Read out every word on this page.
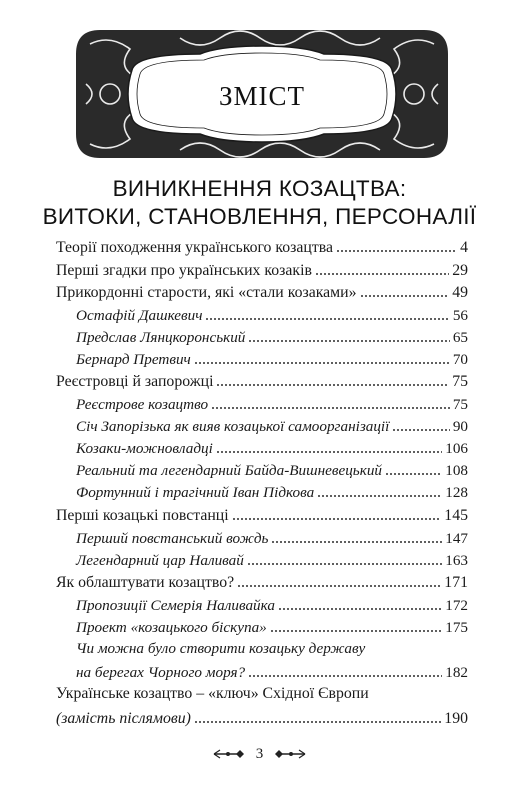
ЗМІСТ
ВИНИКНЕННЯ КОЗАЦТВА:
ВИТОКИ, СТАНОВЛЕННЯ, ПЕРСОНАЛІЇ
Теорії походження українського козацтва	4
Перші згадки про українських козаків	29
Прикордонні старости, які «стали козаками»	49
Остафій Дашкевич	56
Предслав Лянцкоронський	65
Бернард Претвич	70
Реєстровці й запорожці	75
Реєстрове козацтво	75
Січ Запорізька як вияв козацької самоорганізації	90
Козаки-можновладці	106
Реальний та легендарний Байда-Вишневецький	108
Фортунний і трагічний Іван Підкова	128
Перші козацькі повстанці	145
Перший повстанський вождь	147
Легендарний цар Наливай	163
Як облаштувати козацтво?	171
Пропозиції Семерія Наливайка	172
Проект «козацького біскупа»	175
Чи можна було створити козацьку державу
на берегах Чорного моря?	182
Українське козацтво – «ключ» Східної Європи
(замість післямови)	190
3
